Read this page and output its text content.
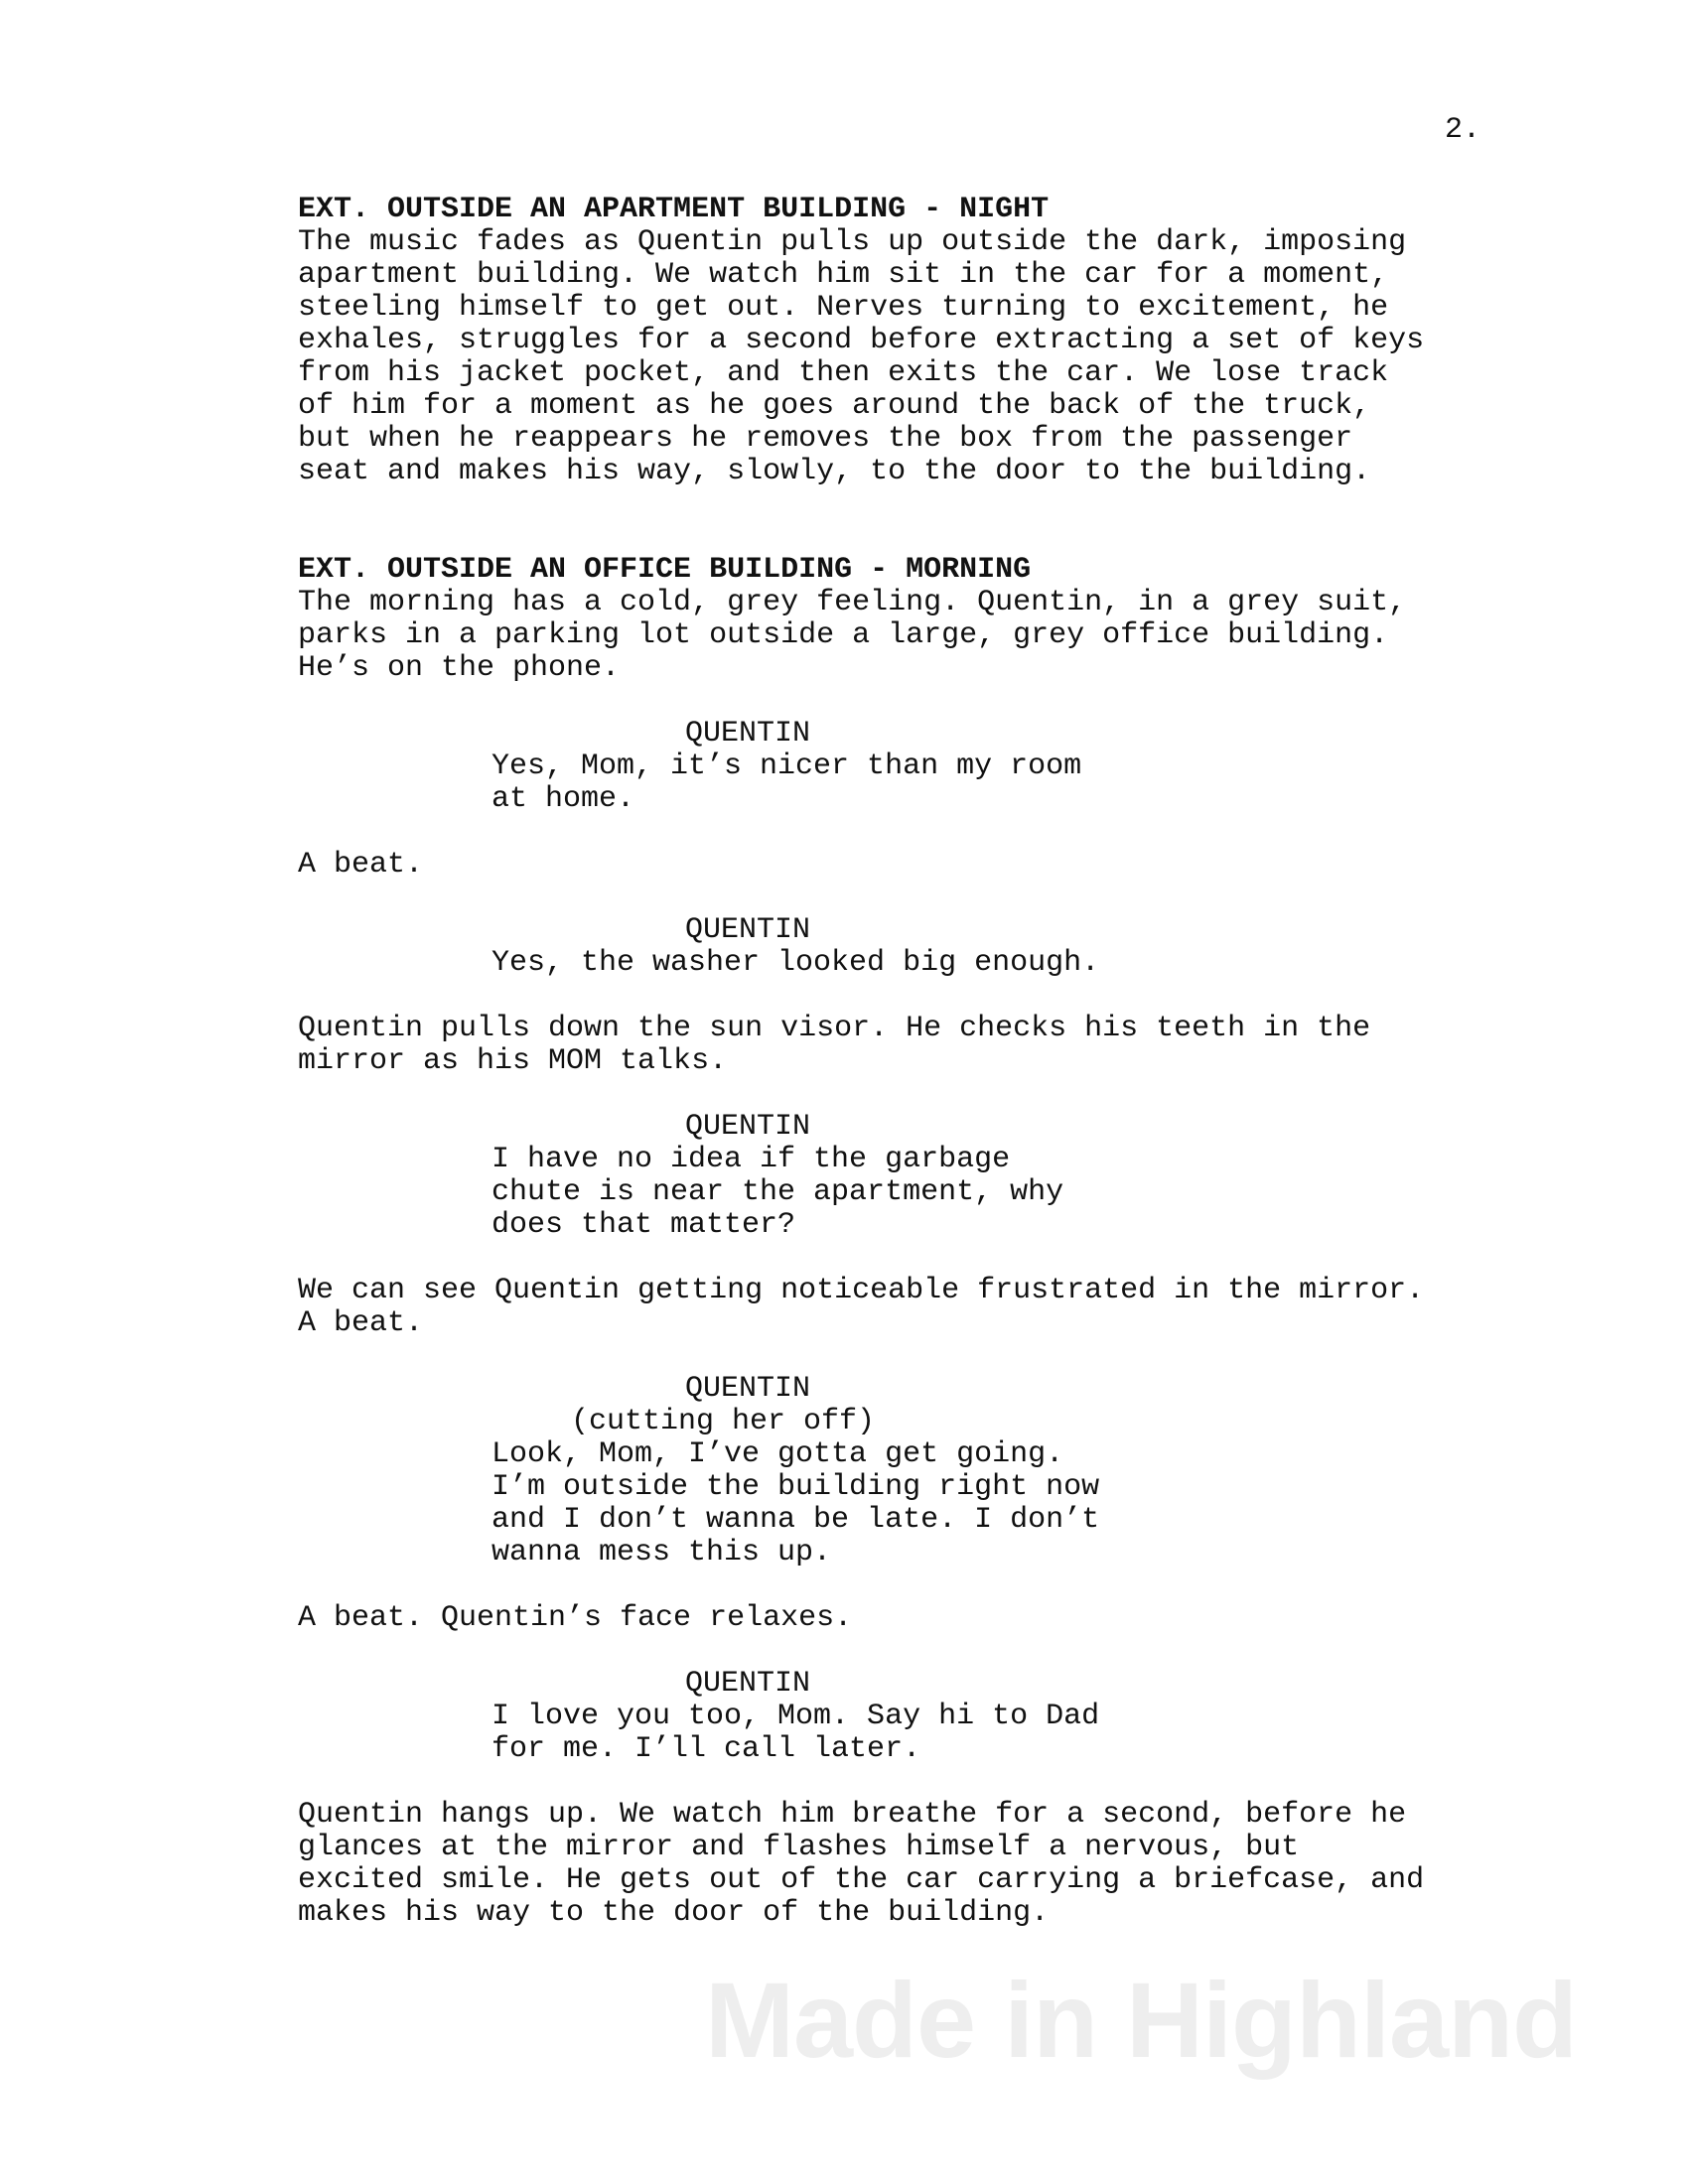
2.
EXT. OUTSIDE AN APARTMENT BUILDING - NIGHT
The music fades as Quentin pulls up outside the dark, imposing
apartment building. We watch him sit in the car for a moment,
steeling himself to get out. Nerves turning to excitement, he
exhales, struggles for a second before extracting a set of keys
from his jacket pocket, and then exits the car. We lose track
of him for a moment as he goes around the back of the truck,
but when he reappears he removes the box from the passenger
seat and makes his way, slowly, to the door to the building.
EXT. OUTSIDE AN OFFICE BUILDING - MORNING
The morning has a cold, grey feeling. Quentin, in a grey suit,
parks in a parking lot outside a large, grey office building.
He’s on the phone.
QUENTIN
Yes, Mom, it’s nicer than my room
at home.
A beat.
QUENTIN
Yes, the washer looked big enough.
Quentin pulls down the sun visor. He checks his teeth in the
mirror as his MOM talks.
QUENTIN
I have no idea if the garbage
chute is near the apartment, why
does that matter?
We can see Quentin getting noticeable frustrated in the mirror.
A beat.
QUENTIN
(cutting her off)
Look, Mom, I’ve gotta get going.
I’m outside the building right now
and I don’t wanna be late. I don’t
wanna mess this up.
A beat. Quentin’s face relaxes.
QUENTIN
I love you too, Mom. Say hi to Dad
for me. I’ll call later.
Quentin hangs up. We watch him breathe for a second, before he
glances at the mirror and flashes himself a nervous, but
excited smile. He gets out of the car carrying a briefcase, and
makes his way to the door of the building.
Made in Highland
